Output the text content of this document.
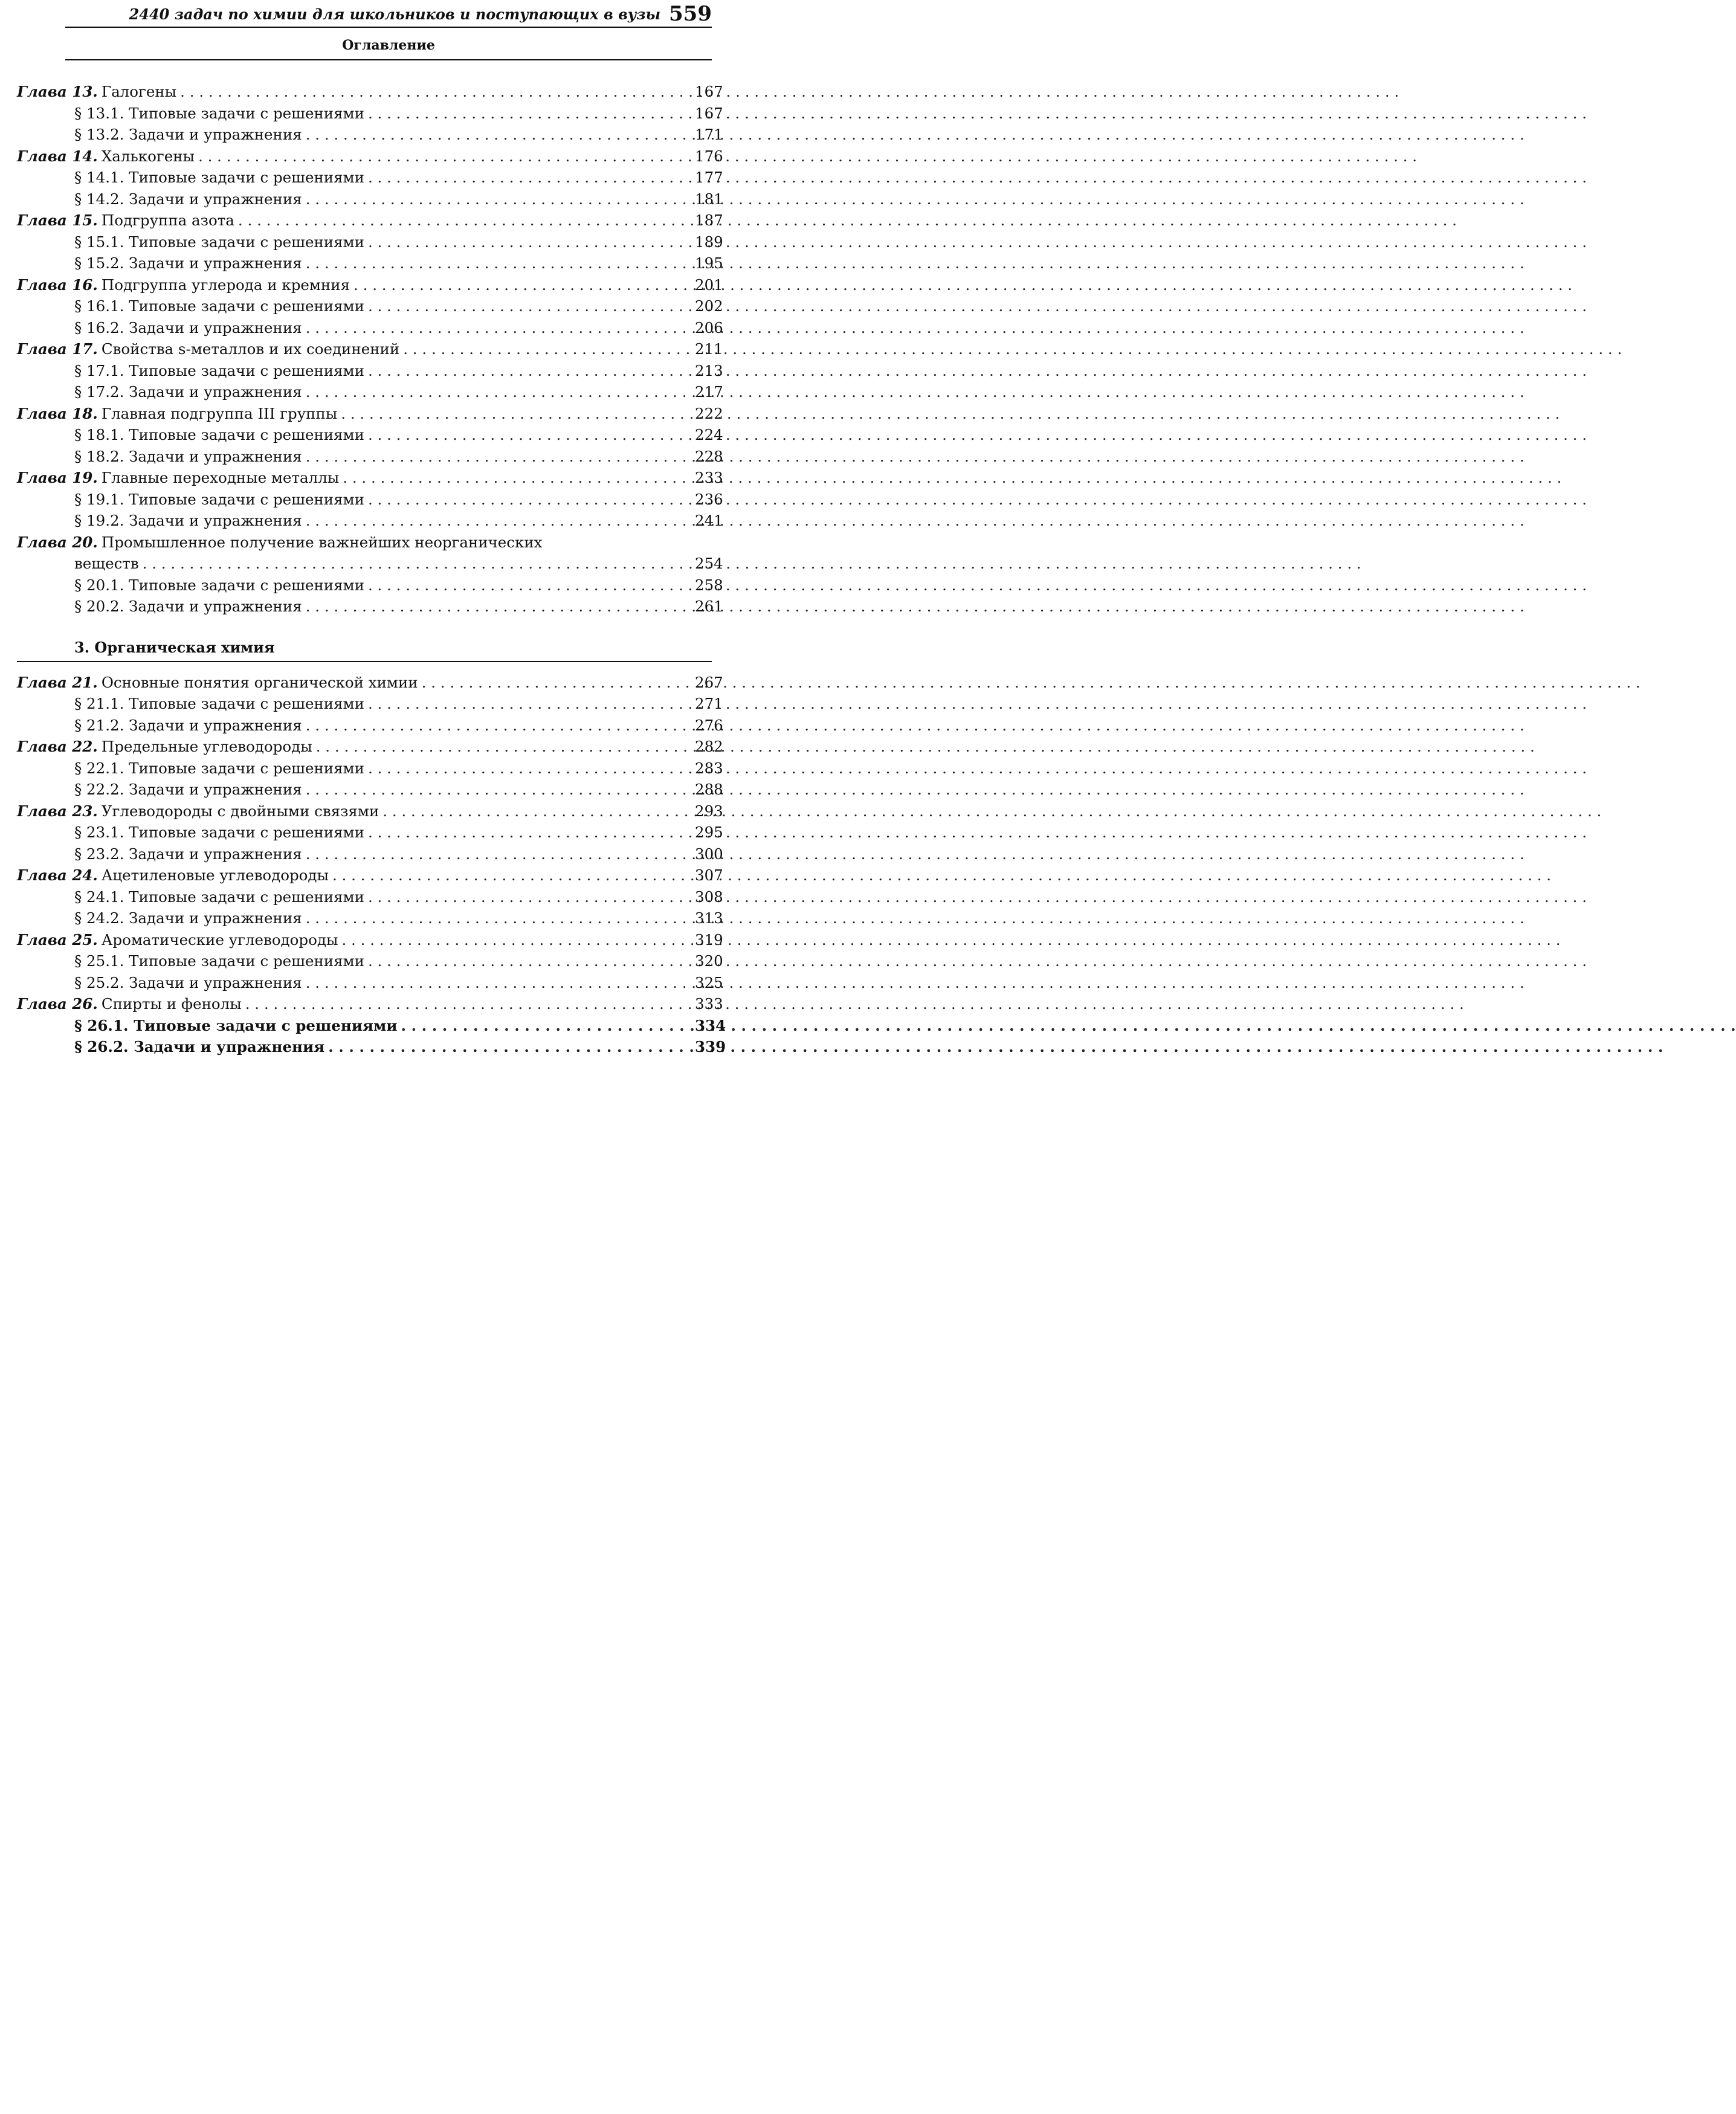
2440 задач по химии для школьников и поступающих в вузы 559
Оглавление
Глава 13. Галогены . . .	167
§ 13.1. Типовые задачи с решениями . . .	167
§ 13.2. Задачи и упражнения . . .	171
Глава 14. Халькогены . . .	176
§ 14.1. Типовые задачи с решениями . . .	177
§ 14.2. Задачи и упражнения . . .	181
Глава 15. Подгруппа азота . . .	187
§ 15.1. Типовые задачи с решениями . . .	189
§ 15.2. Задачи и упражнения . . .	195
Глава 16. Подгруппа углерода и кремния . . .	201
§ 16.1. Типовые задачи с решениями . . .	202
§ 16.2. Задачи и упражнения . . .	206
Глава 17. Свойства s-металлов и их соединений . . .	211
§ 17.1. Типовые задачи с решениями . . .	213
§ 17.2. Задачи и упражнения . . .	217
Глава 18. Главная подгруппа III группы . . .	222
§ 18.1. Типовые задачи с решениями . . .	224
§ 18.2. Задачи и упражнения . . .	228
Глава 19. Главные переходные металлы . . .	233
§ 19.1. Типовые задачи с решениями . . .	236
§ 19.2. Задачи и упражнения . . .	241
Глава 20. Промышленное получение важнейших неорганических
веществ . . .	254
§ 20.1. Типовые задачи с решениями . . .	258
§ 20.2. Задачи и упражнения . . .	261
3. Органическая химия
Глава 21. Основные понятия органической химии . . .	267
§ 21.1. Типовые задачи с решениями . . .	271
§ 21.2. Задачи и упражнения . . .	276
Глава 22. Предельные углеводороды . . .	282
§ 22.1. Типовые задачи с решениями . . .	283
§ 22.2. Задачи и упражнения . . .	288
Глава 23. Углеводороды с двойными связями . . .	293
§ 23.1. Типовые задачи с решениями . . .	295
§ 23.2. Задачи и упражнения . . .	300
Глава 24. Ацетиленовые углеводороды . . .	307
§ 24.1. Типовые задачи с решениями . . .	308
§ 24.2. Задачи и упражнения . . .	313
Глава 25. Ароматические углеводороды . . .	319
§ 25.1. Типовые задачи с решениями . . .	320
§ 25.2. Задачи и упражнения . . .	325
Глава 26. Спирты и фенолы . . .	333
§ 26.1. Типовые задачи с решениями . . .	334
§ 26.2. Задачи и упражнения . . .	339
